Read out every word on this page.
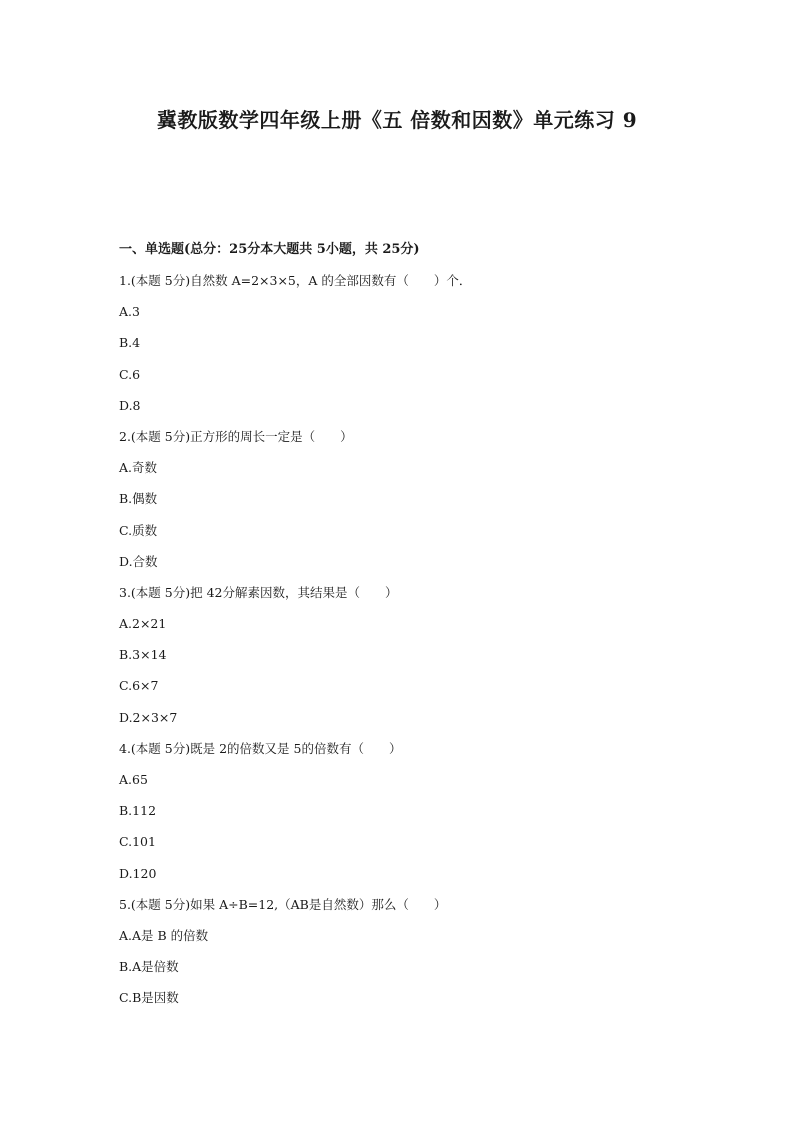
冀教版数学四年级上册《五 倍数和因数》单元练习 9
一、单选题(总分：25分本大题共 5小题，共 25分)
1.(本题 5分)自然数 A=2×3×5，A 的全部因数有（　　）个．
A.3
B.4
C.6
D.8
2.(本题 5分)正方形的周长一定是（　　）
A.奇数
B.偶数
C.质数
D.合数
3.(本题 5分)把 42分解素因数，其结果是（　　）
A.2×21
B.3×14
C.6×7
D.2×3×7
4.(本题 5分)既是 2的倍数又是 5的倍数有（　　）
A.65
B.112
C.101
D.120
5.(本题 5分)如果 A÷B=12,（AB是自然数）那么（　　）
A.A是 B 的倍数
B.A是倍数
C.B是因数
